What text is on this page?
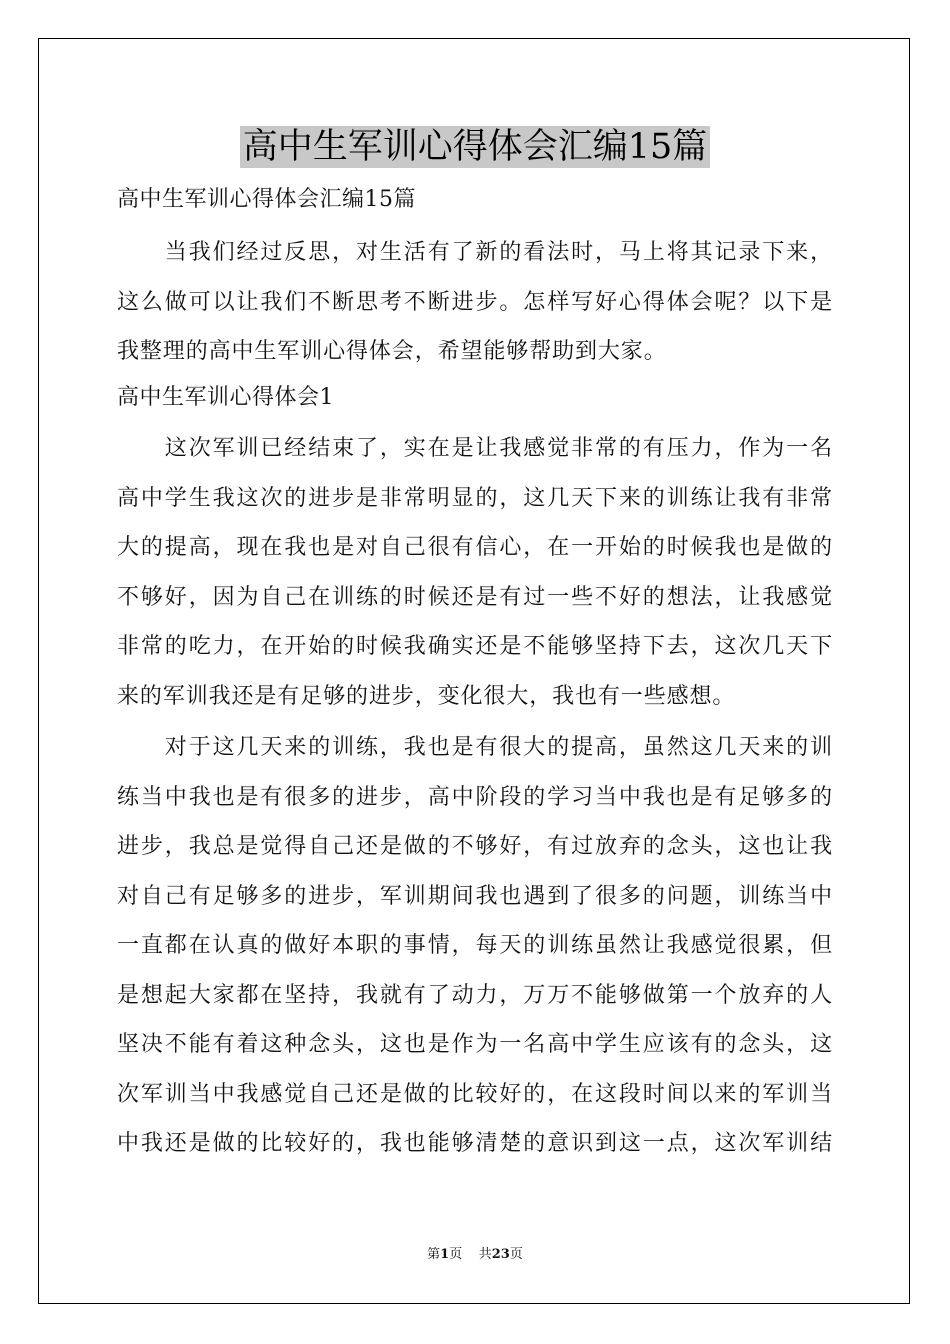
高中生军训心得体会汇编15篇
高中生军训心得体会汇编15篇
　　当我们经过反思，对生活有了新的看法时，马上将其记录下来，
这么做可以让我们不断思考不断进步。怎样写好心得体会呢？以下是
我整理的高中生军训心得体会，希望能够帮助到大家。
高中生军训心得体会1
　　这次军训已经结束了，实在是让我感觉非常的有压力，作为一名
高中学生我这次的进步是非常明显的，这几天下来的训练让我有非常
大的提高，现在我也是对自己很有信心，在一开始的时候我也是做的
不够好，因为自己在训练的时候还是有过一些不好的想法，让我感觉
非常的吃力，在开始的时候我确实还是不能够坚持下去，这次几天下
来的军训我还是有足够的进步，变化很大，我也有一些感想。
　　对于这几天来的训练，我也是有很大的提高，虽然这几天来的训
练当中我也是有很多的进步，高中阶段的学习当中我也是有足够多的
进步，我总是觉得自己还是做的不够好，有过放弃的念头，这也让我
对自己有足够多的进步，军训期间我也遇到了很多的问题，训练当中
一直都在认真的做好本职的事情，每天的训练虽然让我感觉很累，但
是想起大家都在坚持，我就有了动力，万万不能够做第一个放弃的人
坚决不能有着这种念头，这也是作为一名高中学生应该有的念头，这
次军训当中我感觉自己还是做的比较好的，在这段时间以来的军训当
中我还是做的比较好的，我也能够清楚的意识到这一点，这次军训结
第1页 共23页
